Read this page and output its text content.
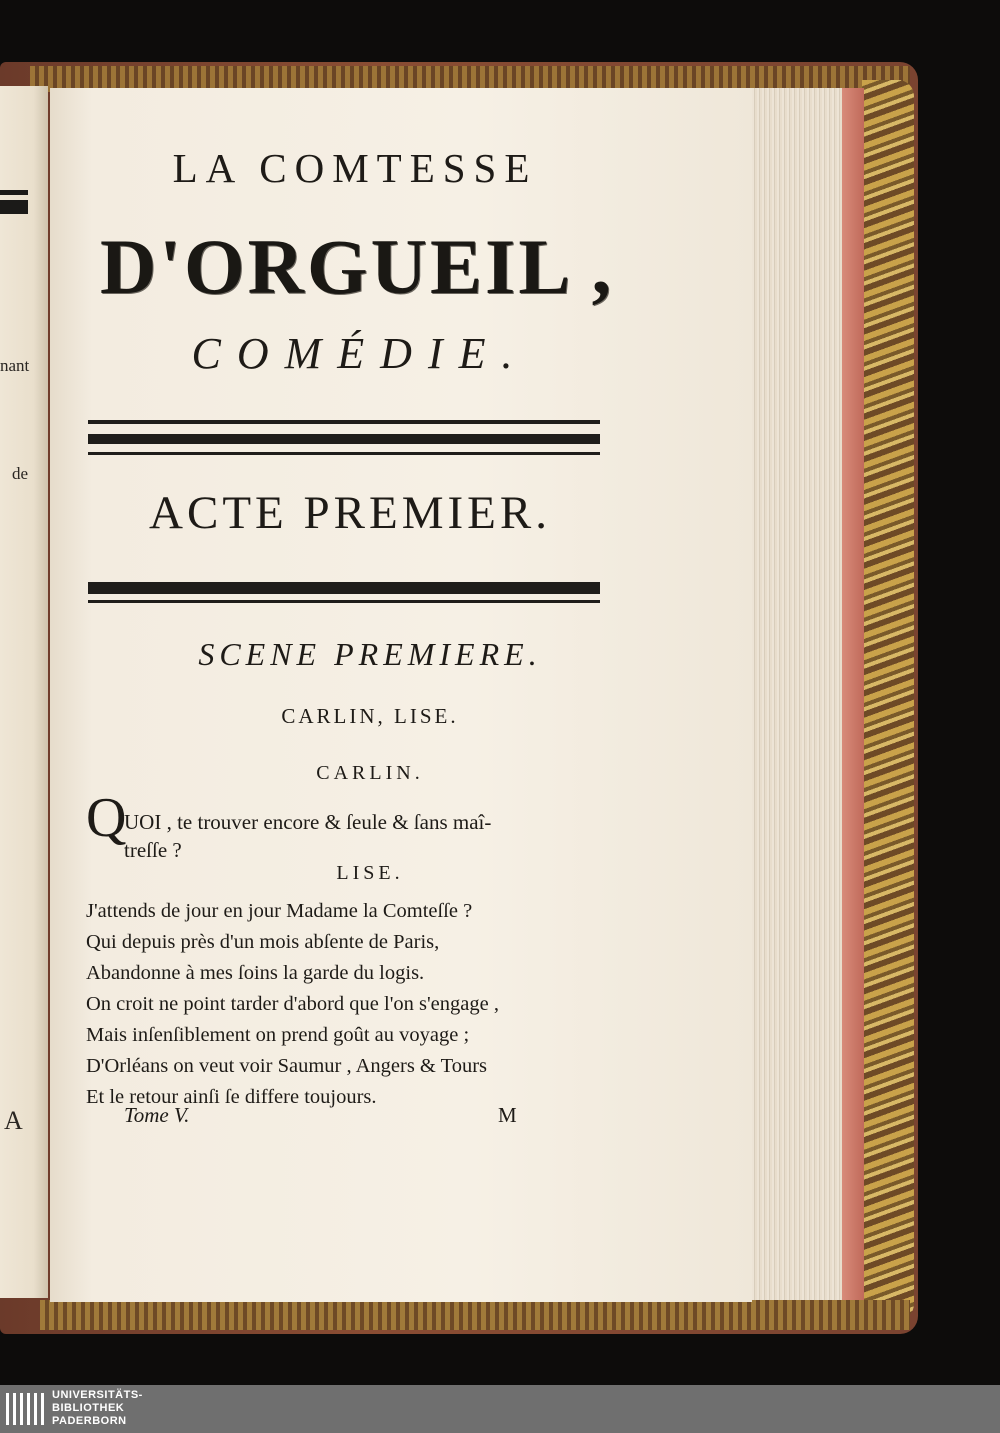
nant
de
A
LA COMTESSE
D'ORGUEIL ,
COMÉDIE.
ACTE PREMIER.
SCENE PREMIERE.
CARLIN, LISE.
CARLIN.
Q
UOI , te trouver encore & ſeule & ſans maî-
treſſe ?
LISE.
J'attends de jour en jour Madame la Comteſſe ?
Qui depuis près d'un mois abſente de Paris,
Abandonne à mes ſoins la garde du logis.
On croit ne point tarder d'abord que l'on s'engage ,
Mais inſenſiblement on prend goût au voyage ;
D'Orléans on veut voir Saumur , Angers & Tours
Et le retour ainſi ſe differe toujours.
Tome V.	M
UNIVERSITÄTS-
BIBLIOTHEK
PADERBORN
